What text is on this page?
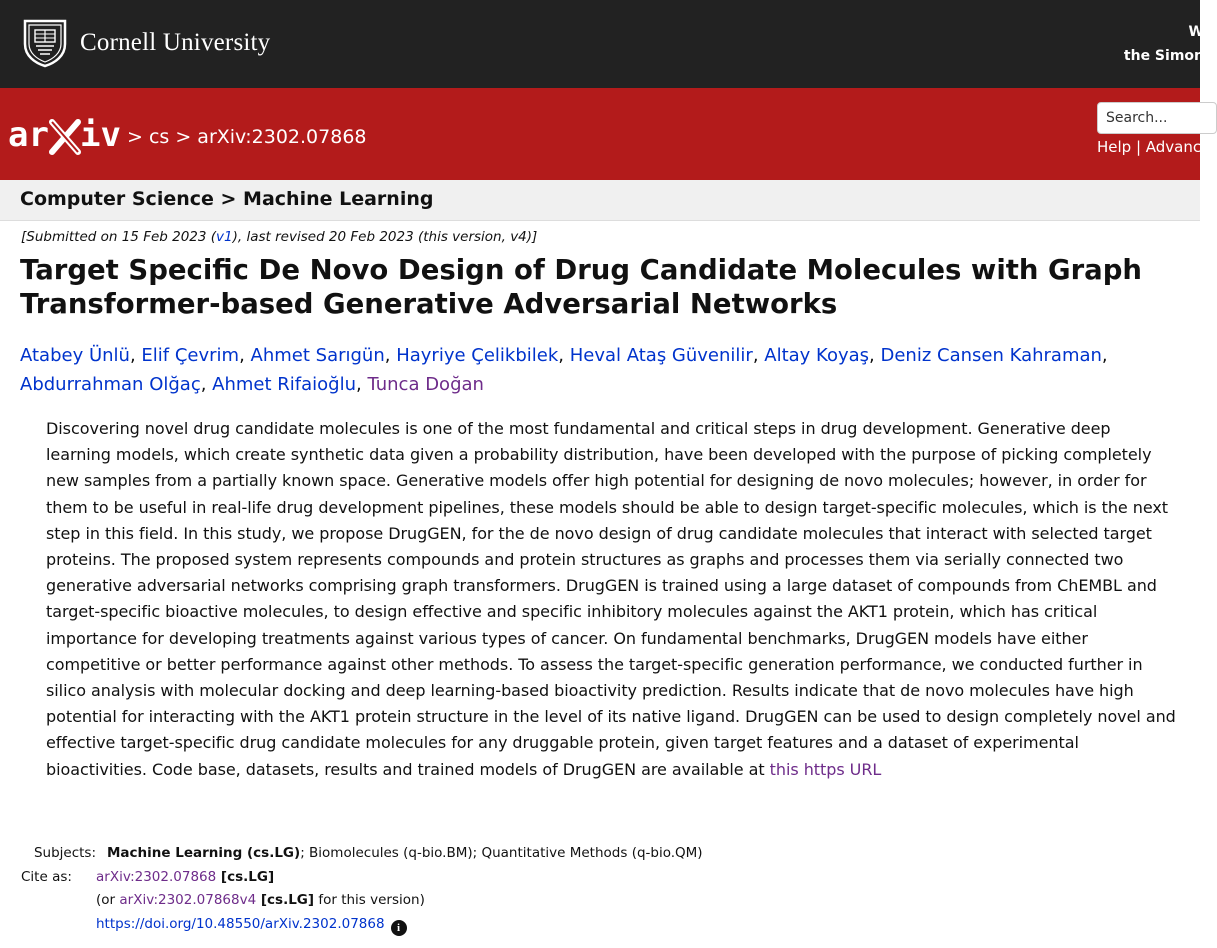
Cornell University	W
the Simon
ar iv > cs > arXiv:2302.07868
Search...	Help | Advance
Computer Science > Machine Learning
[Submitted on 15 Feb 2023 (v1), last revised 20 Feb 2023 (this version, v4)]
Target Specific De Novo Design of Drug Candidate Molecules with Graph Transformer-based Generative Adversarial Networks
Atabey Ünlü, Elif Çevrim, Ahmet Sarıgün, Hayriye Çelikbilek, Heval Ataş Güvenilir, Altay Koyaş, Deniz Cansen Kahraman,
Abdurrahman Olğaç, Ahmet Rifaioğlu, Tunca Doğan
Discovering novel drug candidate molecules is one of the most fundamental and critical steps in drug development. Generative deep learning models, which create synthetic data given a probability distribution, have been developed with the purpose of picking completely new samples from a partially known space. Generative models offer high potential for designing de novo molecules; however, in order for them to be useful in real-life drug development pipelines, these models should be able to design target-specific molecules, which is the next step in this field. In this study, we propose DrugGEN, for the de novo design of drug candidate molecules that interact with selected target proteins. The proposed system represents compounds and protein structures as graphs and processes them via serially connected two generative adversarial networks comprising graph transformers. DrugGEN is trained using a large dataset of compounds from ChEMBL and target-specific bioactive molecules, to design effective and specific inhibitory molecules against the AKT1 protein, which has critical importance for developing treatments against various types of cancer. On fundamental benchmarks, DrugGEN models have either competitive or better performance against other methods. To assess the target-specific generation performance, we conducted further in silico analysis with molecular docking and deep learning-based bioactivity prediction. Results indicate that de novo molecules have high potential for interacting with the AKT1 protein structure in the level of its native ligand. DrugGEN can be used to design completely novel and effective target-specific drug candidate molecules for any druggable protein, given target features and a dataset of experimental bioactivities. Code base, datasets, results and trained models of DrugGEN are available at this https URL
Subjects: Machine Learning (cs.LG); Biomolecules (q-bio.BM); Quantitative Methods (q-bio.QM)
Cite as:	arXiv:2302.07868 [cs.LG]
(or arXiv:2302.07868v4 [cs.LG] for this version)
https://doi.org/10.48550/arXiv.2302.07868 i
